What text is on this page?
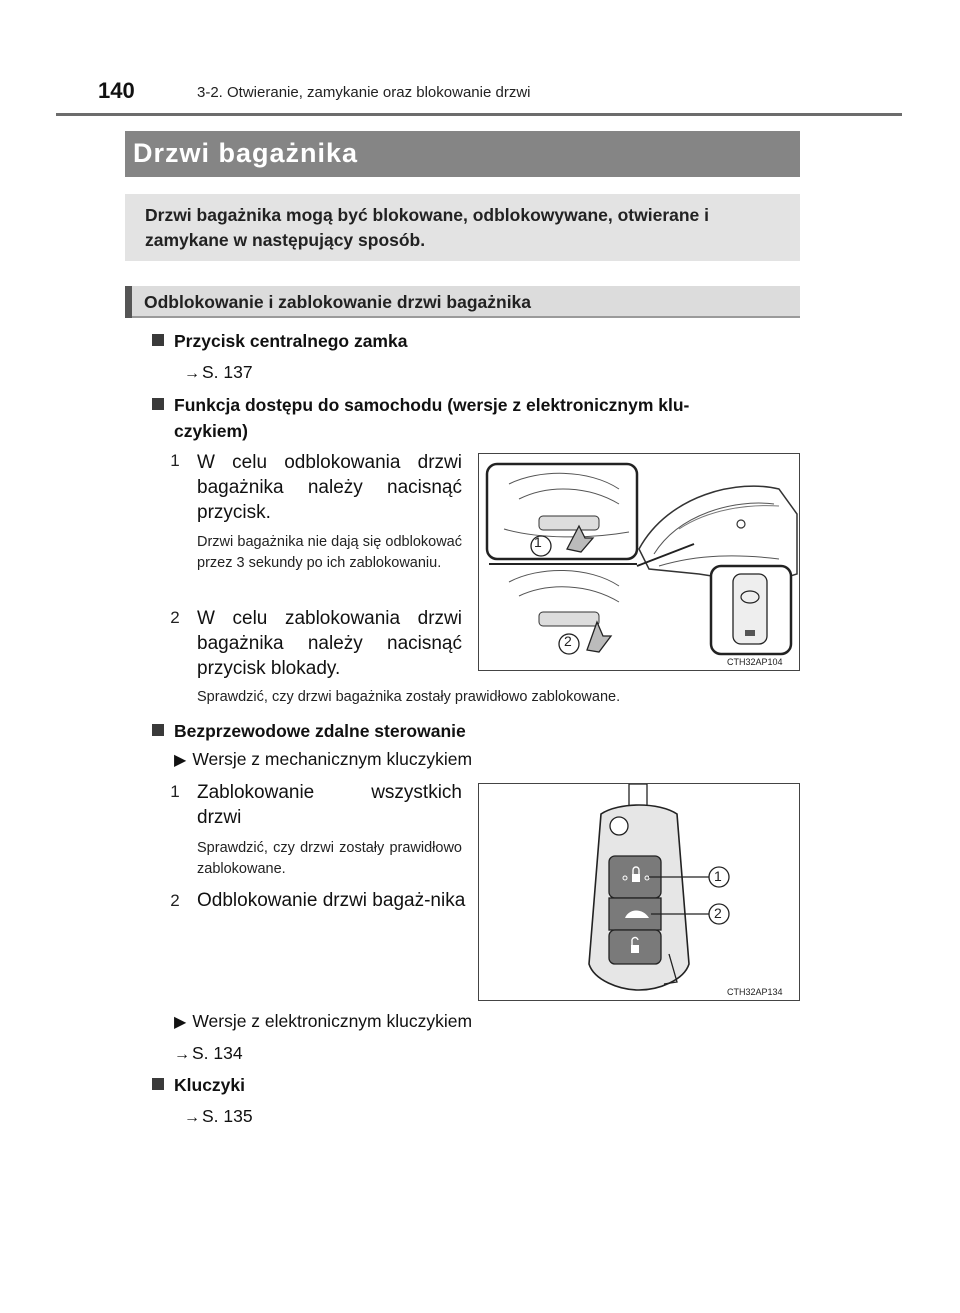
140	3-2. Otwieranie, zamykanie oraz blokowanie drzwi
Drzwi bagażnika
Drzwi bagażnika mogą być blokowane, odblokowywane, otwierane i zamykane w następujący sposób.
Odblokowanie i zablokowanie drzwi bagażnika
Przycisk centralnego zamka
→ S. 137
Funkcja dostępu do samochodu (wersje z elektronicznym klu-
czykiem)
1 W celu odblokowania drzwi bagażnika należy nacisnąć przycisk.
Drzwi bagażnika nie dają się odblokować przez 3 sekundy po ich zablokowaniu.
2 W celu zablokowania drzwi bagażnika należy nacisnąć przycisk blokady.
Sprawdzić, czy drzwi bagażnika zostały prawidłowo zablokowane.
1
2
CTH32AP104
Bezprzewodowe zdalne sterowanie
▶ Wersje z mechanicznym kluczykiem
1 Zablokowanie wszystkich drzwi
Sprawdzić, czy drzwi zostały prawidłowo zablokowane.
2 Odblokowanie drzwi bagaż-nika
1
2
CTH32AP134
▶ Wersje z elektronicznym kluczykiem
→ S. 134
Kluczyki
→ S. 135
